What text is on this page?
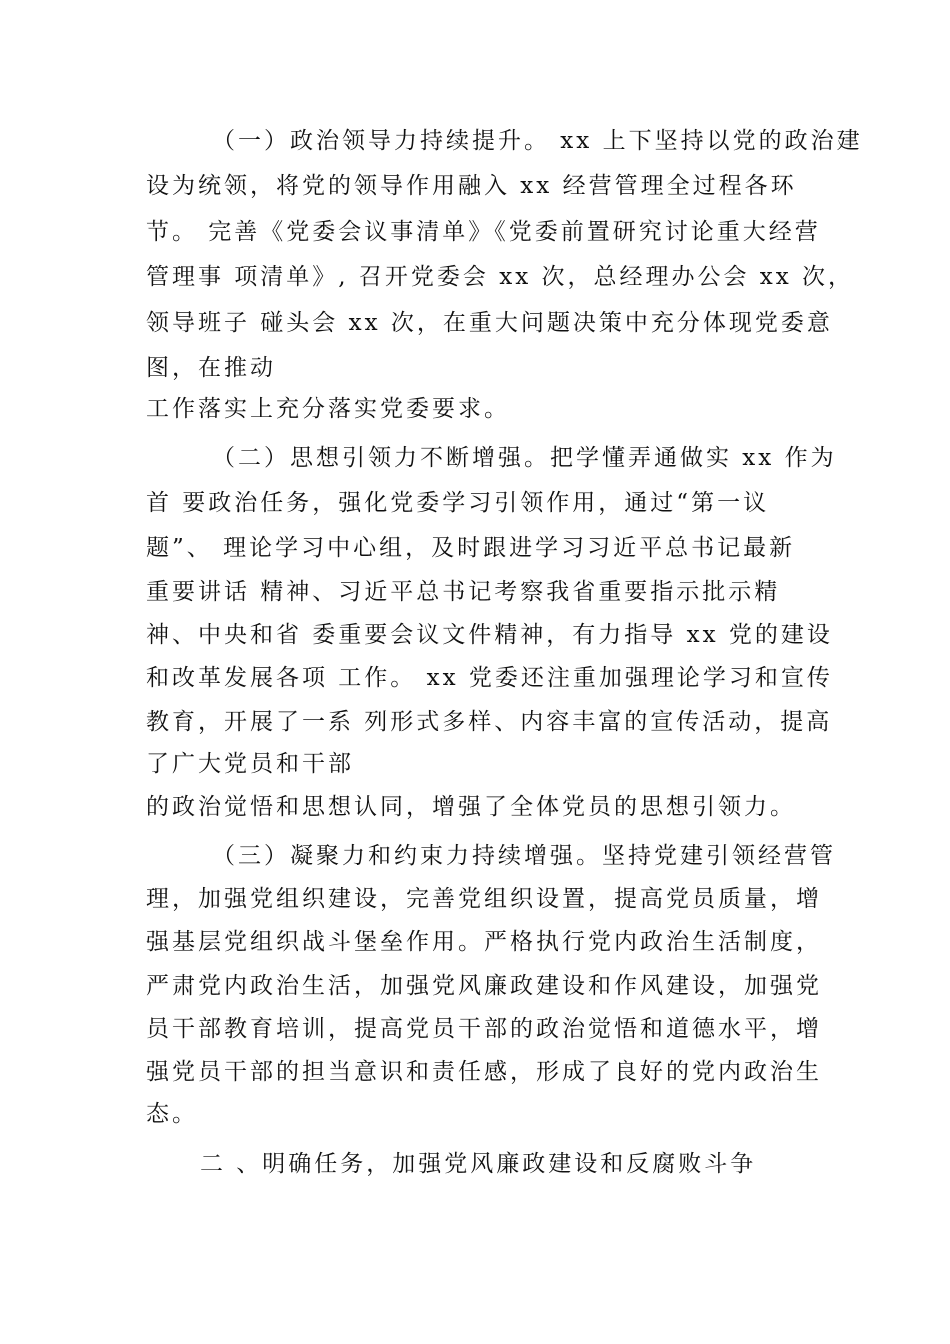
（一）政治领导力持续提升。 xx 上下坚持以党的政治建
设为统领，将党的领导作用融入 xx 经营管理全过程各环
节。 完善《党委会议事清单》《党委前置研究讨论重大经营
管理事 项清单》, 召开党委会 xx 次，总经理办公会 xx 次，
领导班子 碰头会 xx 次，在重大问题决策中充分体现党委意
图，在推动
工作落实上充分落实党委要求。
（二）思想引领力不断增强。把学懂弄通做实 xx 作为
首 要政治任务，强化党委学习引领作用，通过“第一议
题”、 理论学习中心组，及时跟进学习习近平总书记最新
重要讲话 精神、习近平总书记考察我省重要指示批示精
神、中央和省 委重要会议文件精神，有力指导 xx 党的建设
和改革发展各项 工作。 xx 党委还注重加强理论学习和宣传
教育，开展了一系 列形式多样、内容丰富的宣传活动，提高
了广大党员和干部
的政治觉悟和思想认同，增强了全体党员的思想引领力。
（三）凝聚力和约束力持续增强。坚持党建引领经营管
理，加强党组织建设，完善党组织设置，提高党员质量，增
强基层党组织战斗堡垒作用。严格执行党内政治生活制度，
严肃党内政治生活，加强党风廉政建设和作风建设，加强党
员干部教育培训，提高党员干部的政治觉悟和道德水平，增
强党员干部的担当意识和责任感，形成了良好的党内政治生
态。
二 、明确任务，加强党风廉政建设和反腐败斗争
